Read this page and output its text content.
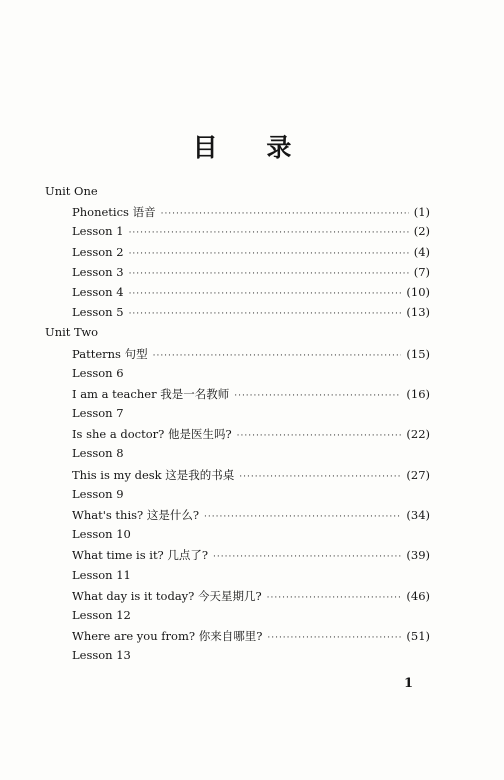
目 录
Unit One
Phonetics 语音 ·····	(1)
Lesson 1 ·····	(2)
Lesson 2 ·····	(4)
Lesson 3 ·····	(7)
Lesson 4 ·····	(10)
Lesson 5 ·····	(13)
Unit Two
Patterns 句型 ·····	(15)
Lesson 6
I am a teacher 我是一名教师 ·····	(16)
Lesson 7
Is she a doctor? 他是医生吗? ·····	(22)
Lesson 8
This is my desk 这是我的书桌 ·····	(27)
Lesson 9
What's this? 这是什么? ·····	(34)
Lesson 10
What time is it? 几点了? ·····	(39)
Lesson 11
What day is it today? 今天星期几? ·····	(46)
Lesson 12
Where are you from? 你来自哪里? ·····	(51)
Lesson 13
1
